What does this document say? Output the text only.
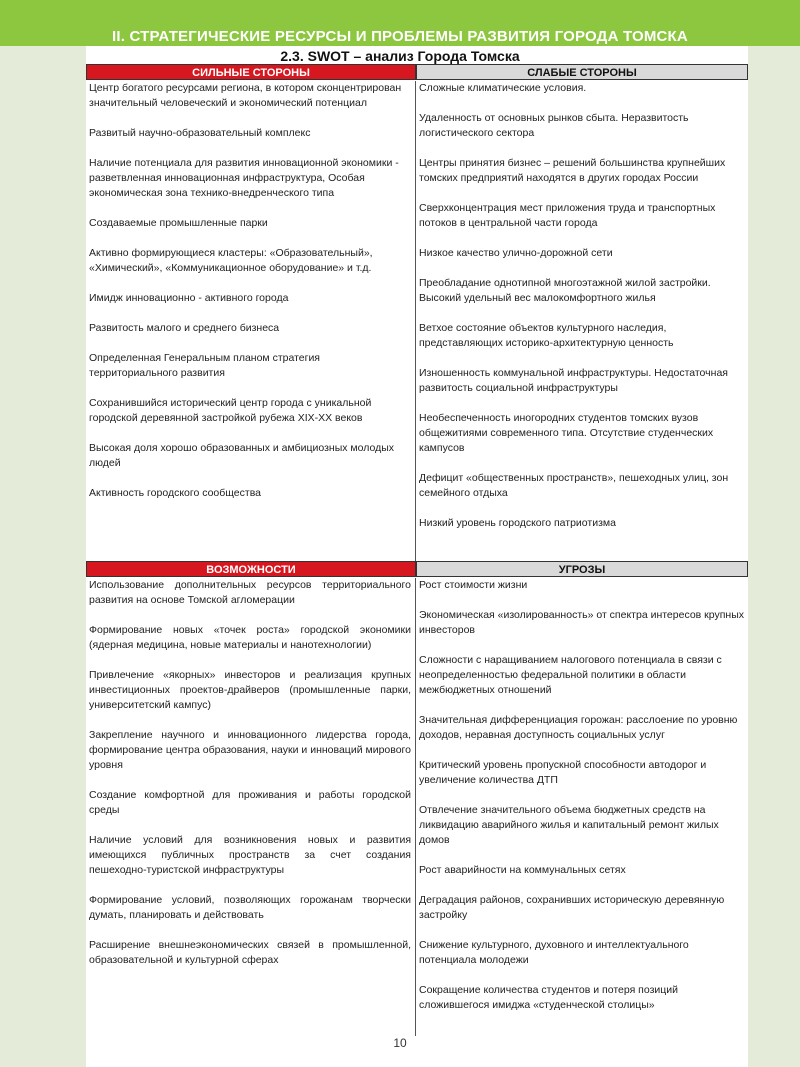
II. СТРАТЕГИЧЕСКИЕ РЕСУРСЫ И ПРОБЛЕМЫ РАЗВИТИЯ ГОРОДА ТОМСКА
2.3. SWOT – анализ Города Томска
СИЛЬНЫЕ СТОРОНЫ	СЛАБЫЕ СТОРОНЫ
Центр богатого ресурсами региона, в котором сконцентрирован значительный человеческий и экономический потенциал
Развитый научно-образовательный комплекс
Наличие потенциала для развития инновационной экономики - разветвленная инновационная инфраструктура, Особая экономическая зона технико-внедренческого типа
Создаваемые промышленные парки
Активно формирующиеся кластеры: «Образовательный», «Химический», «Коммуникационное оборудование» и т.д.
Имидж инновационно - активного города
Развитость малого и среднего бизнеса
Определенная Генеральным планом стратегия территориального развития
Сохранившийся исторический центр города с уникальной городской деревянной застройкой рубежа XIX-XX веков
Высокая доля хорошо образованных и амбициозных молодых людей
Активность городского сообщества
Сложные климатические условия.
Удаленность от основных рынков сбыта. Неразвитость логистического сектора
Центры принятия бизнес – решений большинства крупнейших томских предприятий находятся в других городах России
Сверхконцентрация мест приложения труда и транспортных потоков в центральной части города
Низкое качество улично-дорожной сети
Преобладание однотипной многоэтажной жилой застройки. Высокий удельный вес малокомфортного жилья
Ветхое состояние объектов культурного наследия, представляющих историко-архитектурную ценность
Изношенность коммунальной инфраструктуры. Недостаточная развитость социальной инфраструктуры
Необеспеченность иногородних студентов томских вузов общежитиями современного типа. Отсутствие студенческих кампусов
Дефицит «общественных пространств», пешеходных улиц, зон семейного отдыха
Низкий уровень городского патриотизма
ВОЗМОЖНОСТИ	УГРОЗЫ
Использование дополнительных ресурсов территориального развития на основе Томской агломерации
Формирование новых «точек роста» городской экономики (ядерная медицина, новые материалы и нанотехнологии)
Привлечение «якорных» инвесторов и реализация крупных инвестиционных проектов-драйверов (промышленные парки, университетский кампус)
Закрепление научного и инновационного лидерства города, формирование центра образования, науки и инноваций мирового уровня
Создание комфортной для проживания и работы городской среды
Наличие условий для возникновения новых и развития имеющихся публичных пространств за счет создания пешеходно-туристской инфраструктуры
Формирование условий, позволяющих горожанам творчески думать, планировать и действовать
Расширение внешнеэкономических связей в промышленной, образовательной и культурной сферах
Рост стоимости жизни
Экономическая «изолированность» от спектра интересов крупных инвесторов
Сложности с наращиванием налогового потенциала в связи с неопределенностью федеральной политики в области межбюджетных отношений
Значительная дифференциация горожан: расслоение по уровню доходов, неравная доступность социальных услуг
Критический уровень пропускной способности автодорог и увеличение количества ДТП
Отвлечение значительного объема бюджетных средств на ликвидацию аварийного жилья и капитальный ремонт жилых домов
Рост аварийности на коммунальных сетях
Деградация районов, сохранивших историческую деревянную застройку
Снижение культурного, духовного и интеллектуального потенциала молодежи
Сокращение количества студентов и потеря позиций сложившегося имиджа «студенческой столицы»
10
